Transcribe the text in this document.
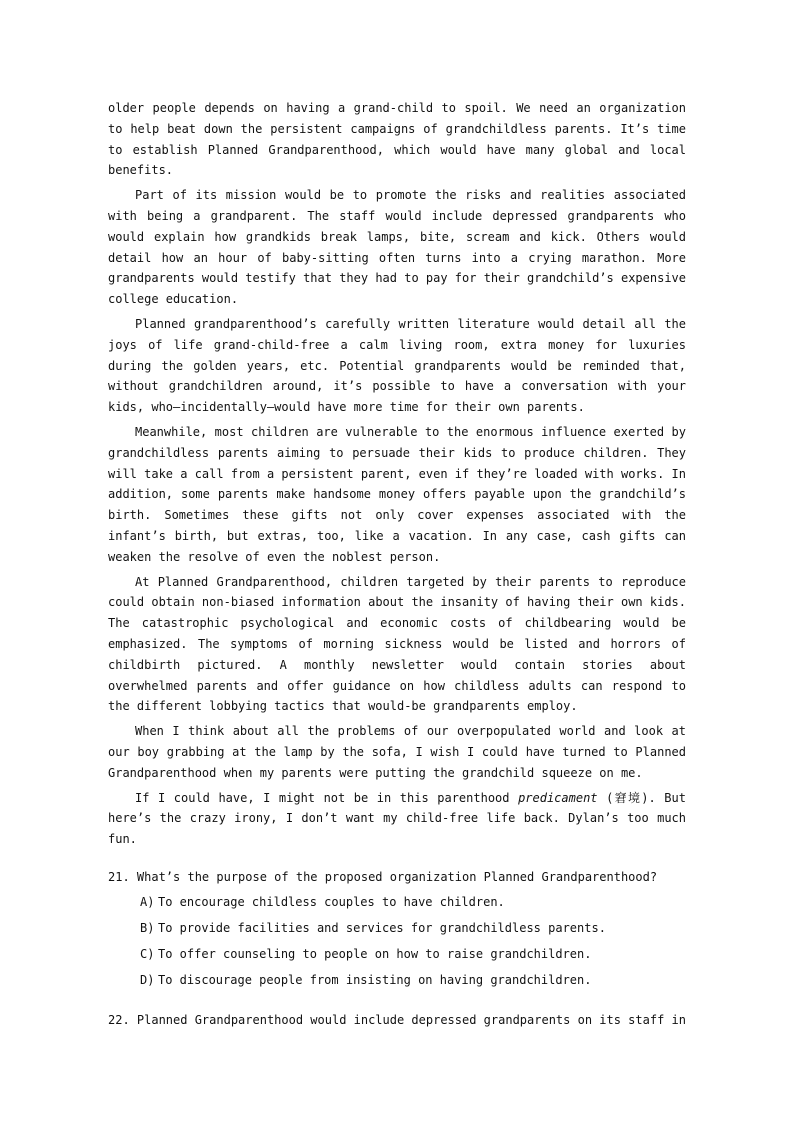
older people depends on having a grand-child to spoil. We need an organization to help beat down the persistent campaigns of grandchildless parents. It’s time to establish Planned Grandparenthood, which would have many global and local benefits.

Part of its mission would be to promote the risks and realities associated with being a grandparent. The staff would include depressed grandparents who would explain how grandkids break lamps, bite, scream and kick. Others would detail how an hour of baby-sitting often turns into a crying marathon. More grandparents would testify that they had to pay for their grandchild’s expensive college education.

Planned grandparenthood’s carefully written literature would detail all the joys of life grand-child-free a calm living room, extra money for luxuries during the golden years, etc. Potential grandparents would be reminded that, without grandchildren around, it’s possible to have a conversation with your kids, who—incidentally—would have more time for their own parents.

Meanwhile, most children are vulnerable to the enormous influence exerted by grandchildless parents aiming to persuade their kids to produce children. They will take a call from a persistent parent, even if they’re loaded with works. In addition, some parents make handsome money offers payable upon the grandchild’s birth. Sometimes these gifts not only cover expenses associated with the infant’s birth, but extras, too, like a vacation. In any case, cash gifts can weaken the resolve of even the noblest person.

At Planned Grandparenthood, children targeted by their parents to reproduce could obtain non-biased information about the insanity of having their own kids. The catastrophic psychological and economic costs of childbearing would be emphasized. The symptoms of morning sickness would be listed and horrors of childbirth pictured. A monthly newsletter would contain stories about overwhelmed parents and offer guidance on how childless adults can respond to the different lobbying tactics that would-be grandparents employ.

When I think about all the problems of our overpopulated world and look at our boy grabbing at the lamp by the sofa, I wish I could have turned to Planned Grandparenthood when my parents were putting the grandchild squeeze on me.

If I could have, I might not be in this parenthood predicament (窘境). But here’s the crazy irony, I don’t want my child-free life back. Dylan’s too much fun.

21. What’s the purpose of the proposed organization Planned Grandparenthood?

A) To encourage childless couples to have children.
B) To provide facilities and services for grandchildless parents.
C) To offer counseling to people on how to raise grandchildren.
D) To discourage people from insisting on having grandchildren.

22. Planned Grandparenthood would include depressed grandparents on its staff in
